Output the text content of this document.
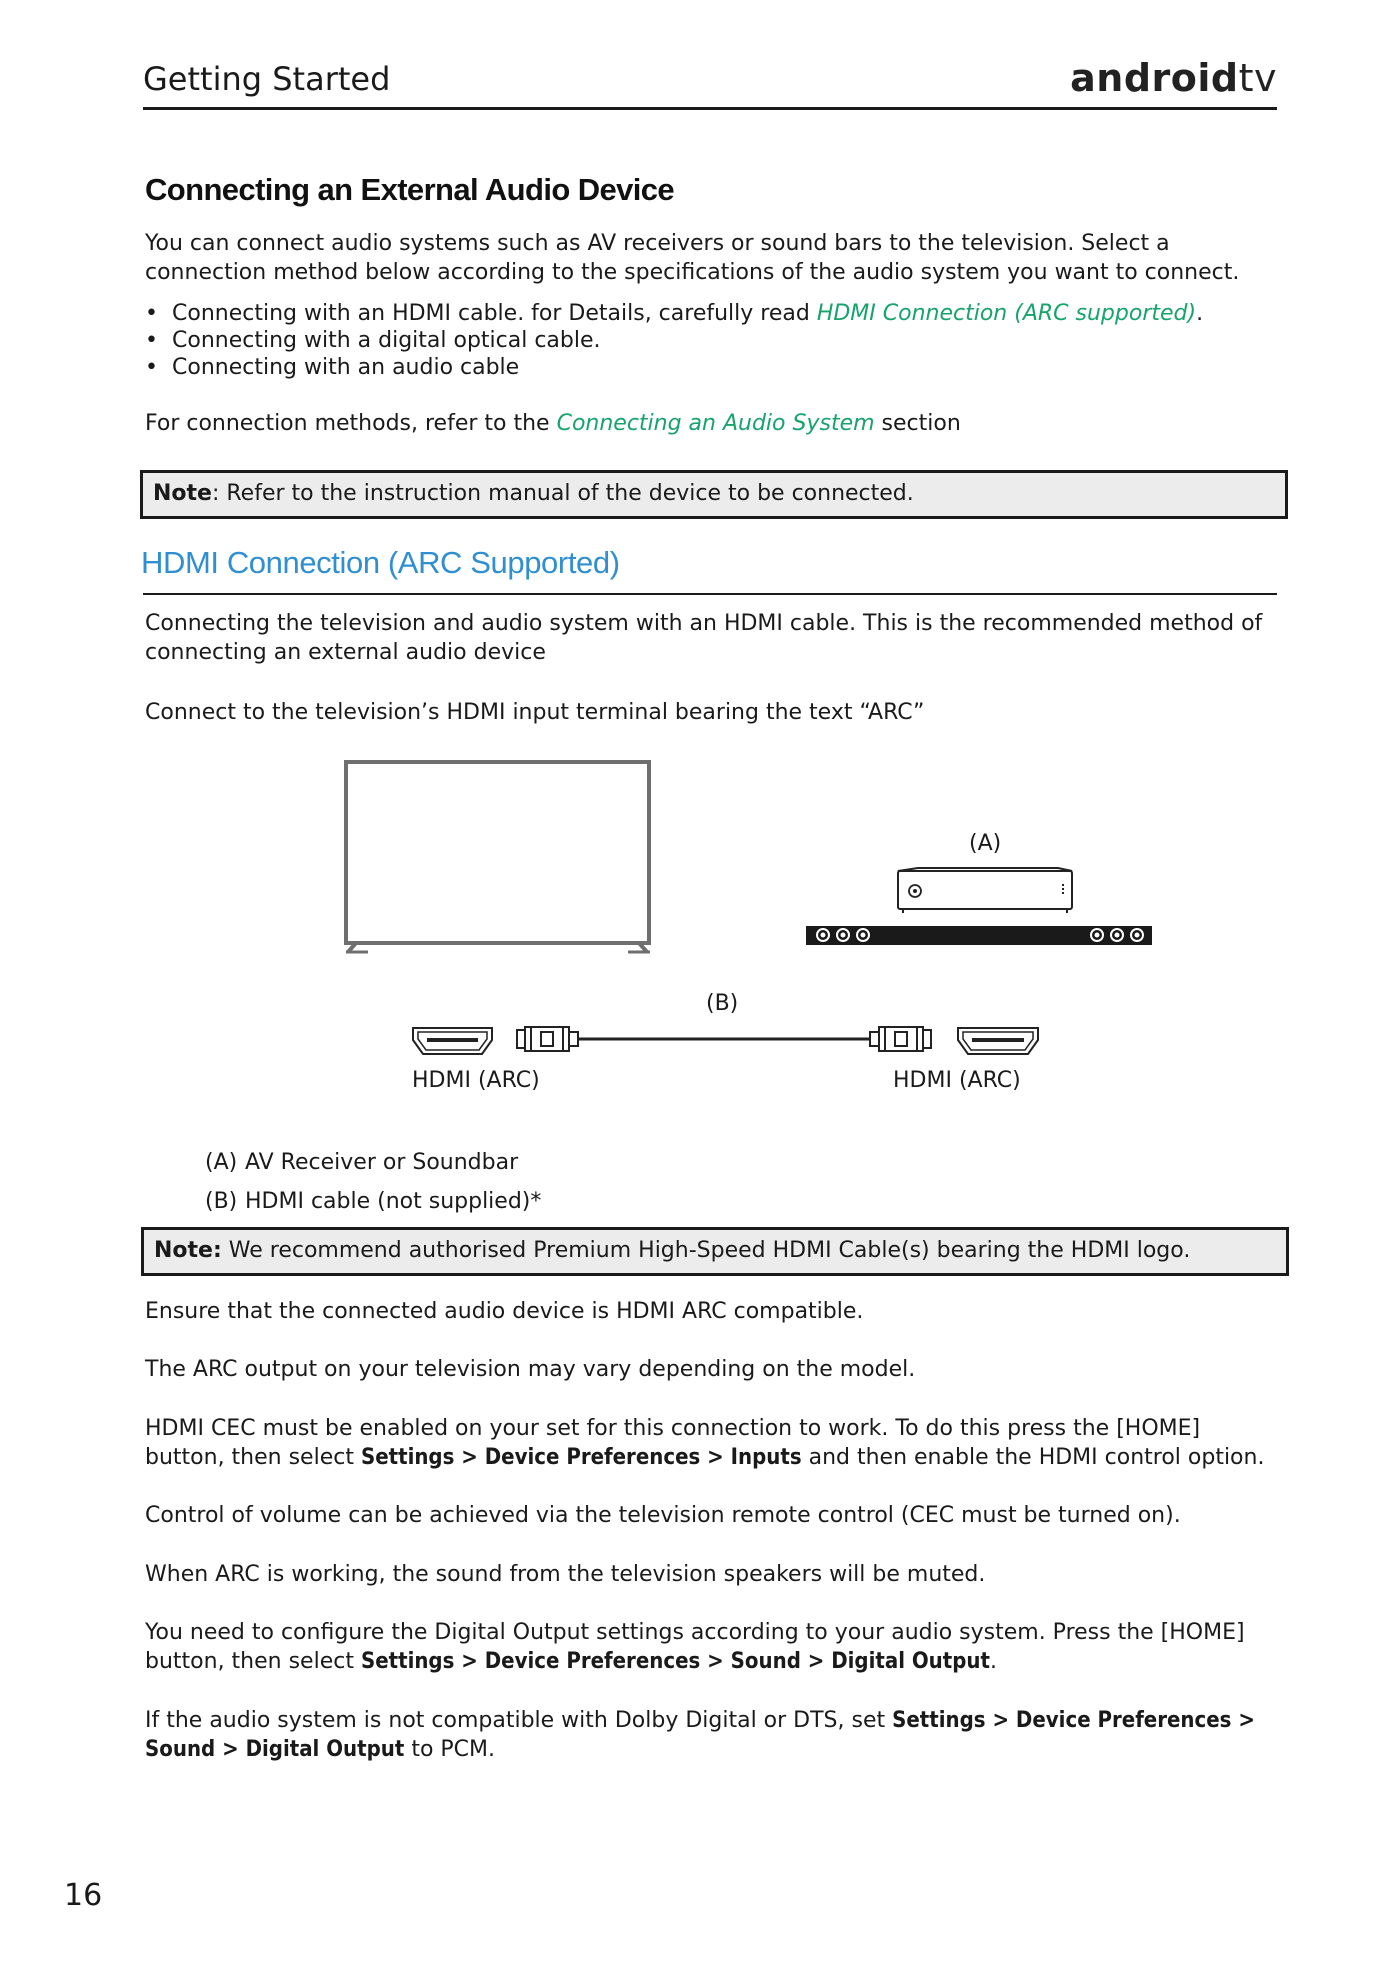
Getting Started	androidtv
Connecting an External Audio Device
You can connect audio systems such as AV receivers or sound bars to the television. Select a connection method below according to the specifications of the audio system you want to connect.
• Connecting with an HDMI cable. for Details, carefully read HDMI Connection (ARC supported).
• Connecting with a digital optical cable.
• Connecting with an audio cable
For connection methods, refer to the Connecting an Audio System section
Note: Refer to the instruction manual of the device to be connected.
HDMI Connection (ARC Supported)
Connecting the television and audio system with an HDMI cable. This is the recommended method of connecting an external audio device
Connect to the television’s HDMI input terminal bearing the text “ARC”
(A)
(B)
HDMI (ARC)	HDMI (ARC)
(A) AV Receiver or Soundbar
(B) HDMI cable (not supplied)*
Note: We recommend authorised Premium High-Speed HDMI Cable(s) bearing the HDMI logo.
Ensure that the connected audio device is HDMI ARC compatible.
The ARC output on your television may vary depending on the model.
HDMI CEC must be enabled on your set for this connection to work. To do this press the [HOME] button, then select Settings > Device Preferences > Inputs and then enable the HDMI control option.
Control of volume can be achieved via the television remote control (CEC must be turned on).
When ARC is working, the sound from the television speakers will be muted.
You need to configure the Digital Output settings according to your audio system. Press the [HOME] button, then select Settings > Device Preferences > Sound > Digital Output.
If the audio system is not compatible with Dolby Digital or DTS, set Settings > Device Preferences > Sound > Digital Output to PCM.
16
